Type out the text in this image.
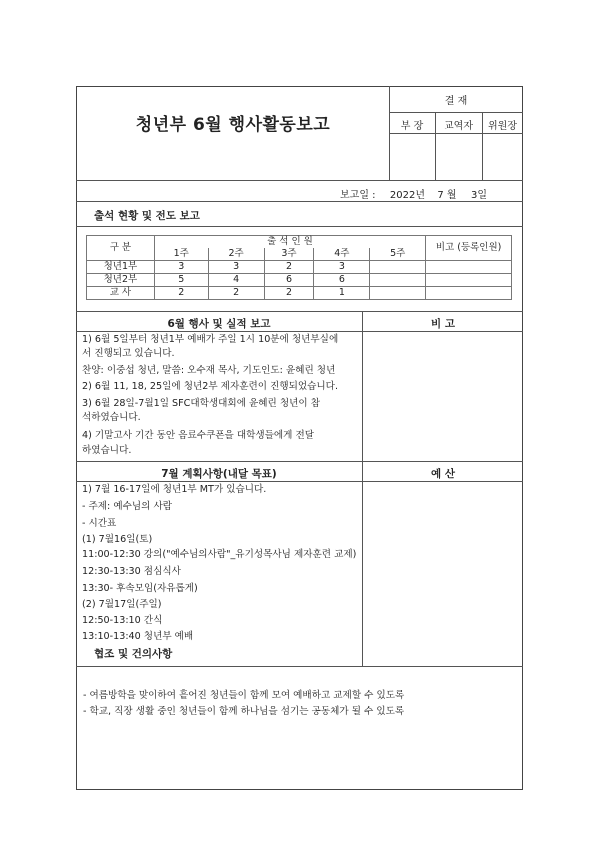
청년부 6월 행사활동보고
결 재
부 장	교역자	위원장
보고일 : 2022년 7 월 3일
출석 현황 및 전도 보고
구 분	출 석 인 원					비고 (등록인원)
	1주	2주	3주	4주	5주	
청년1부	3	3	2	3		
청년2부	5	4	6	6		
교 사	2	2	2	1		
6월 행사 및 실적 보고	비 고
1) 6월 5일부터 청년1부 예배가 주일 1시 10분에 청년부실에
서 진행되고 있습니다.
찬양: 이중섭 청년, 말씀: 오수재 목사, 기도인도: 윤혜린 청년
2) 6월 11, 18, 25일에 청년2부 제자훈련이 진행되었습니다.
3) 6월 28일-7월1일 SFC대학생대회에 윤혜린 청년이 참
석하였습니다.
4) 기말고사 기간 동안 음료수쿠폰을 대학생들에게 전달
하였습니다.
7월 계획사항(내달 목표)	예 산
1) 7월 16-17일에 청년1부 MT가 있습니다.
- 주제: 예수님의 사람
- 시간표
(1) 7월16일(토)
11:00-12:30 강의("예수님의사람"_유기성목사님 제자훈련 교제)
12:30-13:30 점심식사
13:30- 후속모임(자유롭게)
(2) 7월17일(주일)
12:50-13:10 간식
13:10-13:40 청년부 예배
협조 및 건의사항
- 여름방학을 맞이하여 흩어진 청년들이 함께 모여 예배하고 교제할 수 있도록
- 학교, 직장 생활 중인 청년들이 함께 하나님을 섬기는 공동체가 될 수 있도록
